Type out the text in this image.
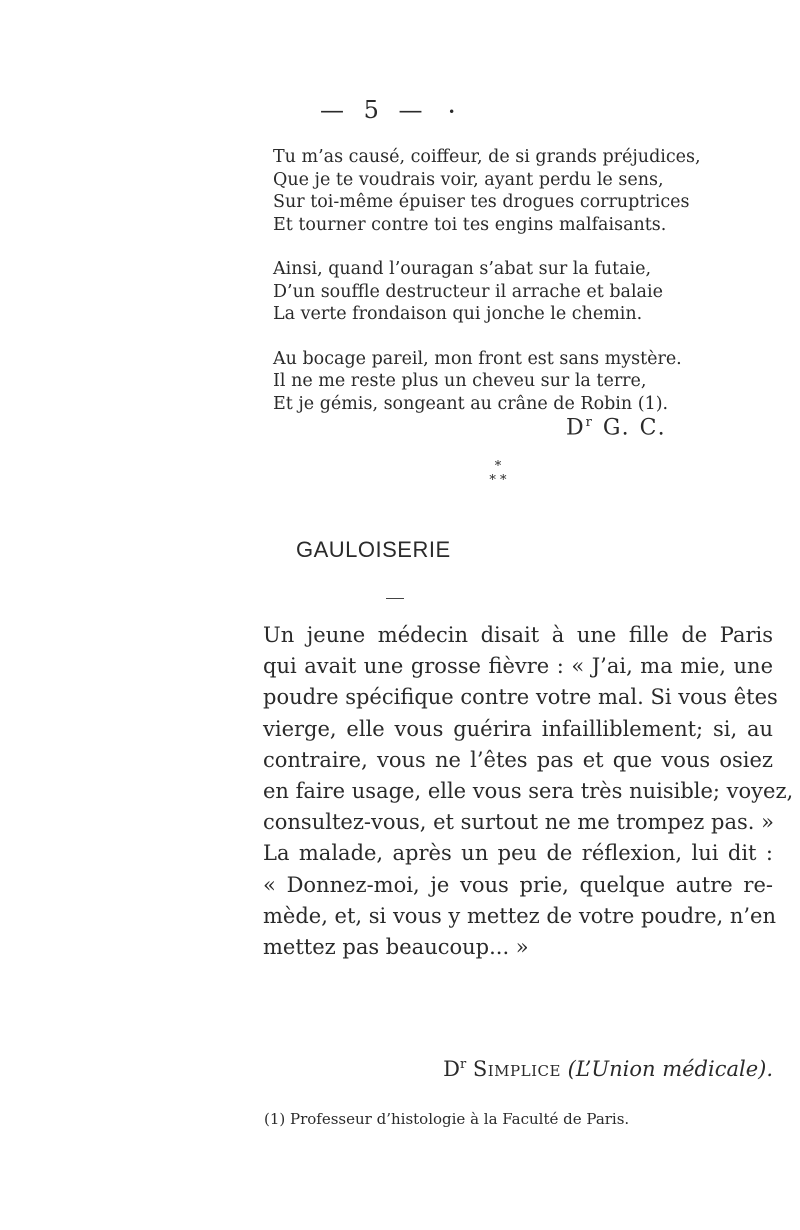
— 5 — •
Tu m’as causé, coiffeur, de si grands préjudices,
Que je te voudrais voir, ayant perdu le sens,
Sur toi-même épuiser tes drogues corruptrices
Et tourner contre toi tes engins malfaisants.
Ainsi, quand l’ouragan s’abat sur la futaie,
D’un souffle destructeur il arrache et balaie
La verte frondaison qui jonche le chemin.
Au bocage pareil, mon front est sans mystère.
Il ne me reste plus un cheveu sur la terre,
Et je gémis, songeant au crâne de Robin (1).
$D^r$ G. C.
*
* *
GAULOISERIE
Un jeune médecin disait à une fille de Paris
qui avait une grosse fièvre : « J’ai, ma mie, une
poudre spécifique contre votre mal. Si vous êtes
vierge, elle vous guérira infailliblement; si, au
contraire, vous ne l’êtes pas et que vous osiez
en faire usage, elle vous sera très nuisible; voyez,
consultez-vous, et surtout ne me trompez pas. »
La malade, après un peu de réflexion, lui dit :
« Donnez-moi, je vous prie, quelque autre re-
mède, et, si vous y mettez de votre poudre, n’en
mettez pas beaucoup... »
$D^r$ Simplice (L’Union médicale).
(1) Professeur d’histologie à la Faculté de Paris.
